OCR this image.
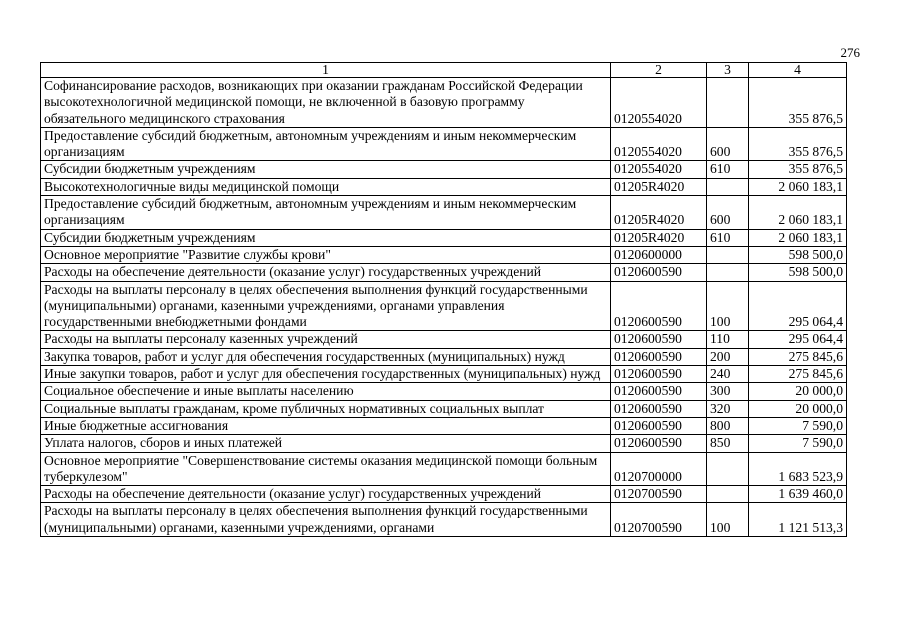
276
1	2	3	4
Софинансирование расходов, возникающих при оказании гражданам Российской Федерации высокотехнологичной медицинской помощи, не включенной в базовую программу обязательного медицинского страхования	0120554020		355 876,5
Предоставление субсидий бюджетным, автономным учреждениям и иным некоммерческим организациям	0120554020	600	355 876,5
Субсидии бюджетным учреждениям	0120554020	610	355 876,5
Высокотехнологичные виды медицинской помощи	01205R4020		2 060 183,1
Предоставление субсидий бюджетным, автономным учреждениям и иным некоммерческим организациям	01205R4020	600	2 060 183,1
Субсидии бюджетным учреждениям	01205R4020	610	2 060 183,1
Основное мероприятие "Развитие службы крови"	0120600000		598 500,0
Расходы на обеспечение деятельности (оказание услуг) государственных учреждений	0120600590		598 500,0
Расходы на выплаты персоналу в целях обеспечения выполнения функций государственными (муниципальными) органами, казенными учреждениями, органами управления государственными внебюджетными фондами	0120600590	100	295 064,4
Расходы на выплаты персоналу казенных учреждений	0120600590	110	295 064,4
Закупка товаров, работ и услуг для обеспечения государственных (муниципальных) нужд	0120600590	200	275 845,6
Иные закупки товаров, работ и услуг для обеспечения государственных (муниципальных) нужд	0120600590	240	275 845,6
Социальное обеспечение и иные выплаты населению	0120600590	300	20 000,0
Социальные выплаты гражданам, кроме публичных нормативных социальных выплат	0120600590	320	20 000,0
Иные бюджетные ассигнования	0120600590	800	7 590,0
Уплата налогов, сборов и иных платежей	0120600590	850	7 590,0
Основное мероприятие "Совершенствование системы оказания медицинской помощи больным туберкулезом"	0120700000		1 683 523,9
Расходы на обеспечение деятельности (оказание услуг) государственных учреждений	0120700590		1 639 460,0
Расходы на выплаты персоналу в целях обеспечения выполнения функций государственными (муниципальными) органами, казенными учреждениями, органами	0120700590	100	1 121 513,3
